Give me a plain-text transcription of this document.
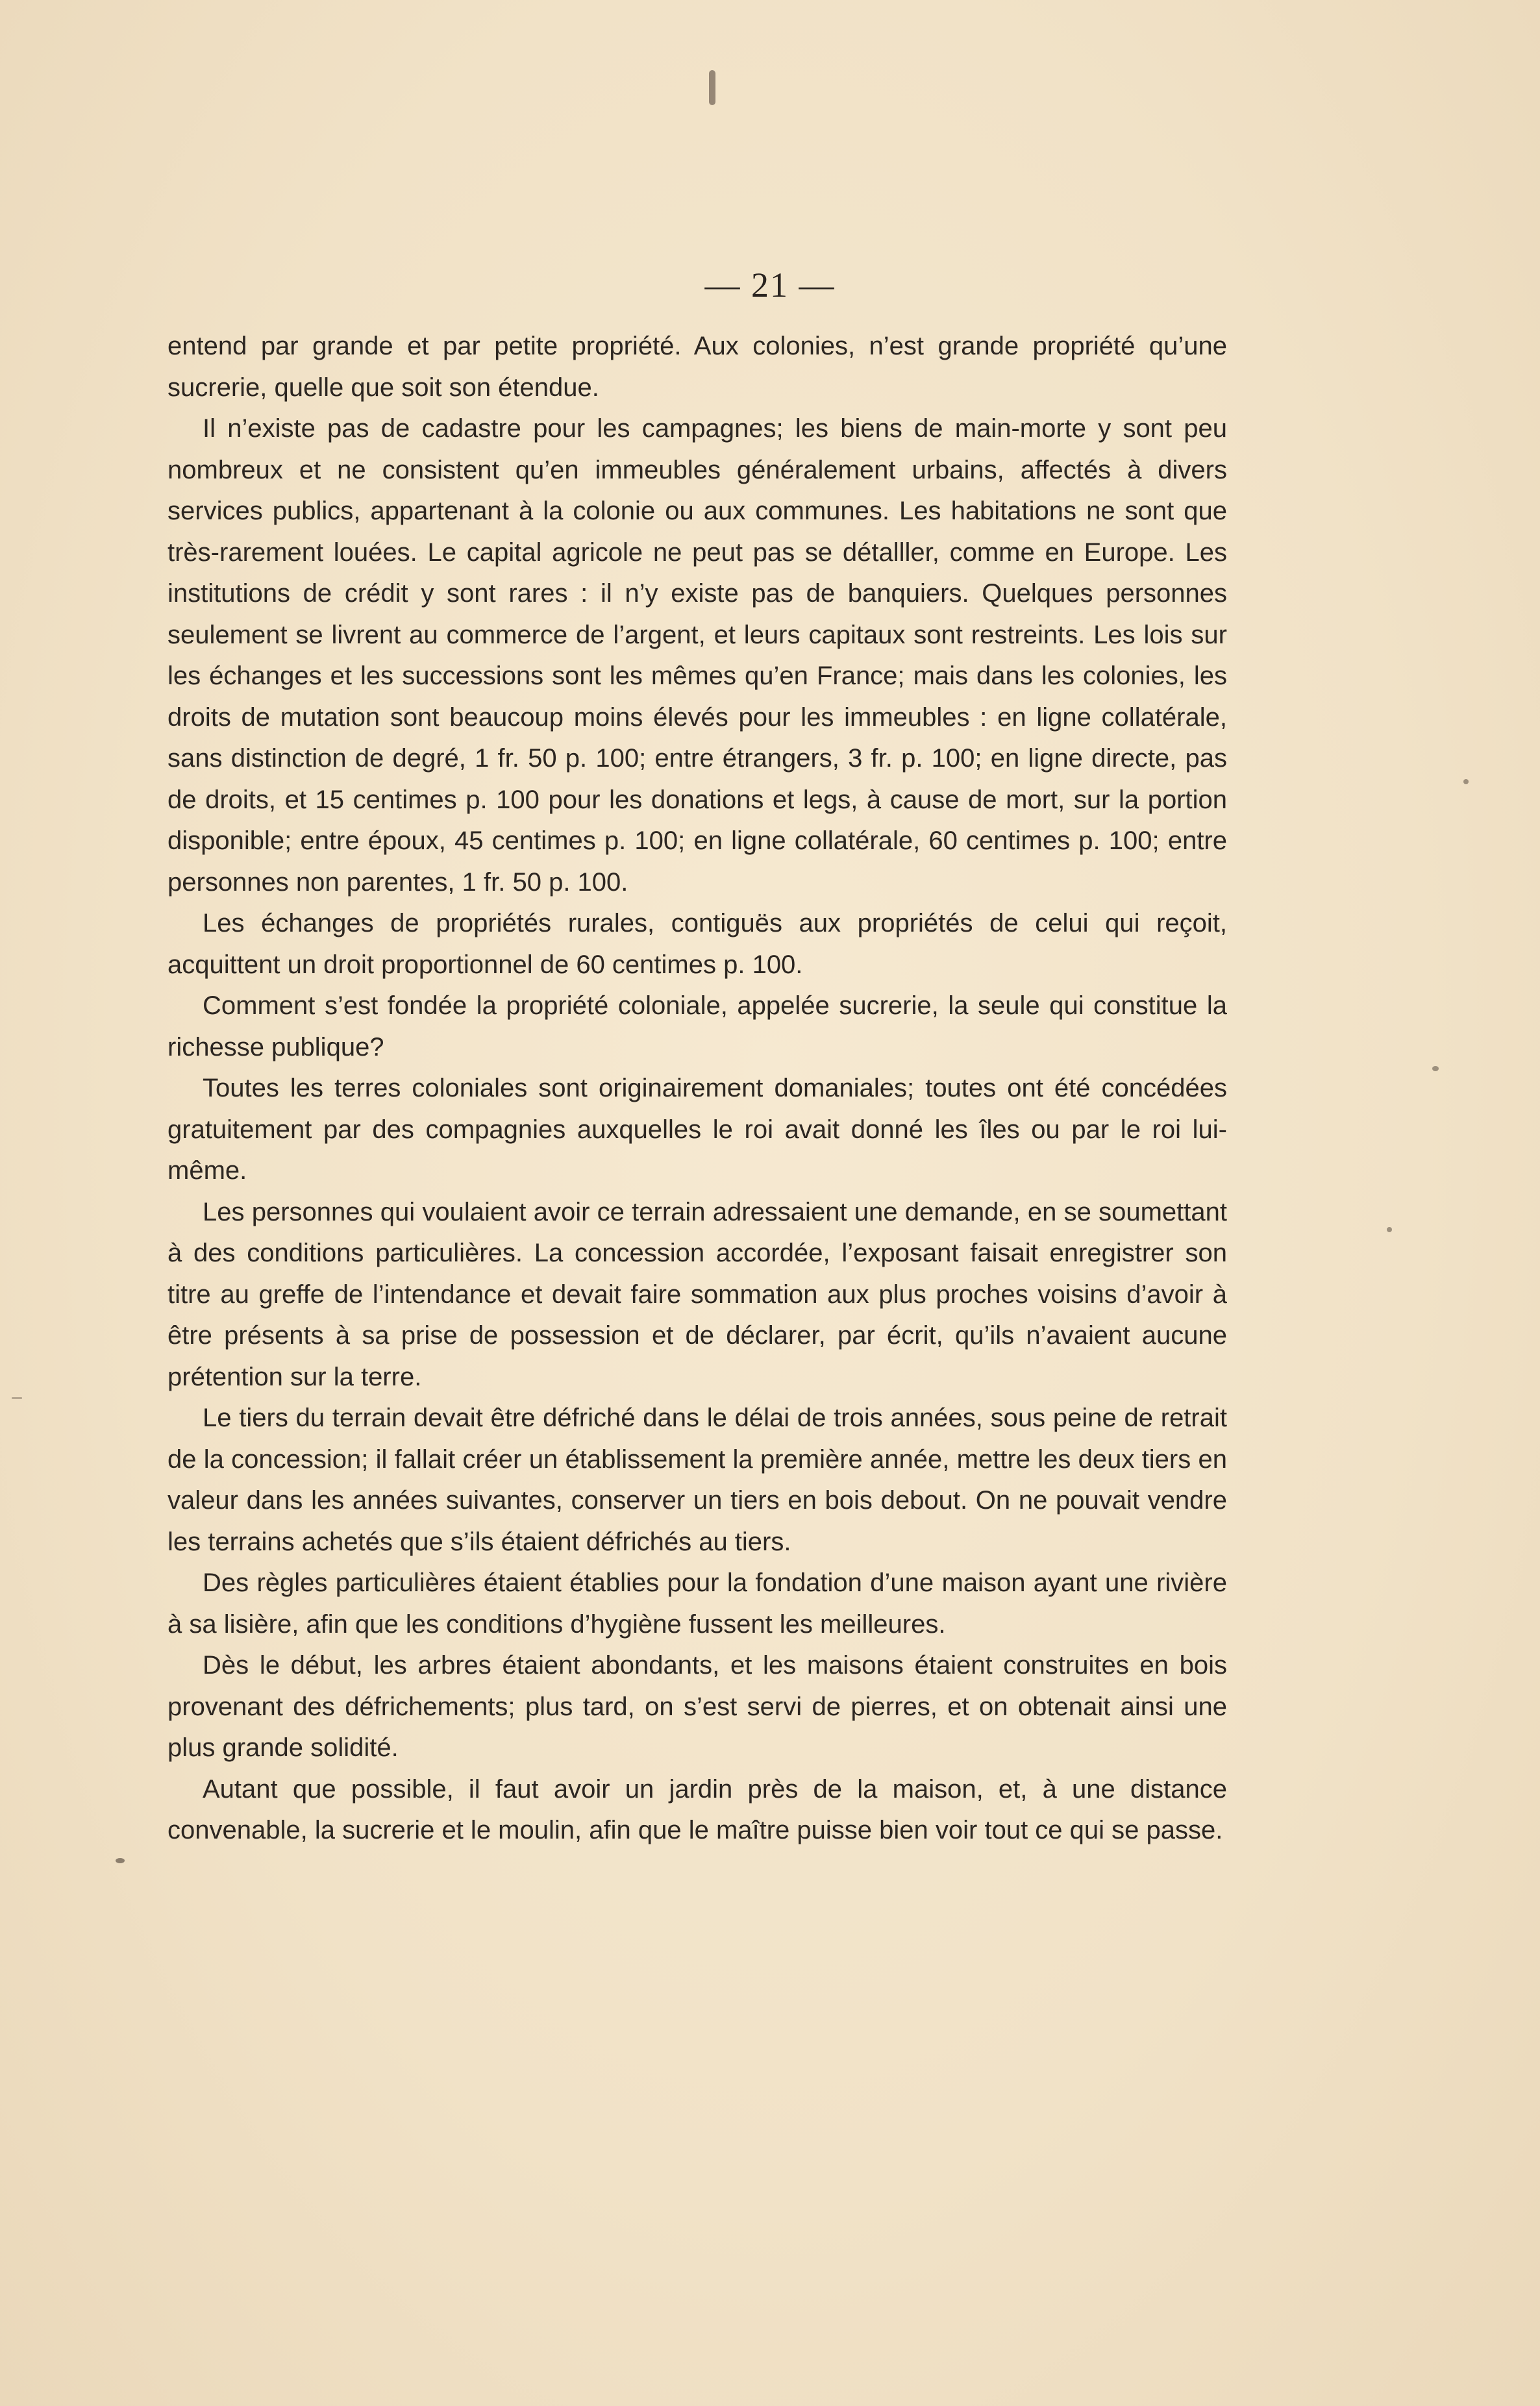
— 21 —

entend par grande et par petite propriété. Aux colonies, n’est grande propriété qu’une sucrerie, quelle que soit son étendue.

Il n’existe pas de cadastre pour les campagnes; les biens de main-morte y sont peu nombreux et ne consistent qu’en immeubles généralement urbains, affectés à divers services publics, appartenant à la colonie ou aux communes. Les habitations ne sont que très-rarement louées. Le capital agricole ne peut pas se détalller, comme en Europe. Les institutions de crédit y sont rares : il n’y existe pas de banquiers. Quelques personnes seulement se livrent au commerce de l’argent, et leurs capitaux sont restreints. Les lois sur les échanges et les successions sont les mêmes qu’en France; mais dans les colonies, les droits de mutation sont beaucoup moins élevés pour les immeubles : en ligne collatérale, sans distinction de degré, 1 fr. 50 p. 100; entre étrangers, 3 fr. p. 100; en ligne directe, pas de droits, et 15 centimes p. 100 pour les donations et legs, à cause de mort, sur la portion disponible; entre époux, 45 centimes p. 100; en ligne collatérale, 60 centimes p. 100; entre personnes non parentes, 1 fr. 50 p. 100.

Les échanges de propriétés rurales, contiguës aux propriétés de celui qui reçoit, acquittent un droit proportionnel de 60 centimes p. 100.

Comment s’est fondée la propriété coloniale, appelée sucrerie, la seule qui constitue la richesse publique?

Toutes les terres coloniales sont originairement domaniales; toutes ont été concédées gratuitement par des compagnies auxquelles le roi avait donné les îles ou par le roi lui-même.

Les personnes qui voulaient avoir ce terrain adressaient une demande, en se soumettant à des conditions particulières. La concession accordée, l’exposant faisait enregistrer son titre au greffe de l’intendance et devait faire sommation aux plus proches voisins d’avoir à être présents à sa prise de possession et de déclarer, par écrit, qu’ils n’avaient aucune prétention sur la terre.

Le tiers du terrain devait être défriché dans le délai de trois années, sous peine de retrait de la concession; il fallait créer un établissement la première année, mettre les deux tiers en valeur dans les années suivantes, conserver un tiers en bois debout. On ne pouvait vendre les terrains achetés que s’ils étaient défrichés au tiers.

Des règles particulières étaient établies pour la fondation d’une maison ayant une rivière à sa lisière, afin que les conditions d’hygiène fussent les meilleures.

Dès le début, les arbres étaient abondants, et les maisons étaient construites en bois provenant des défrichements; plus tard, on s’est servi de pierres, et on obtenait ainsi une plus grande solidité.

Autant que possible, il faut avoir un jardin près de la maison, et, à une distance convenable, la sucrerie et le moulin, afin que le maître puisse bien voir tout ce qui se passe.
